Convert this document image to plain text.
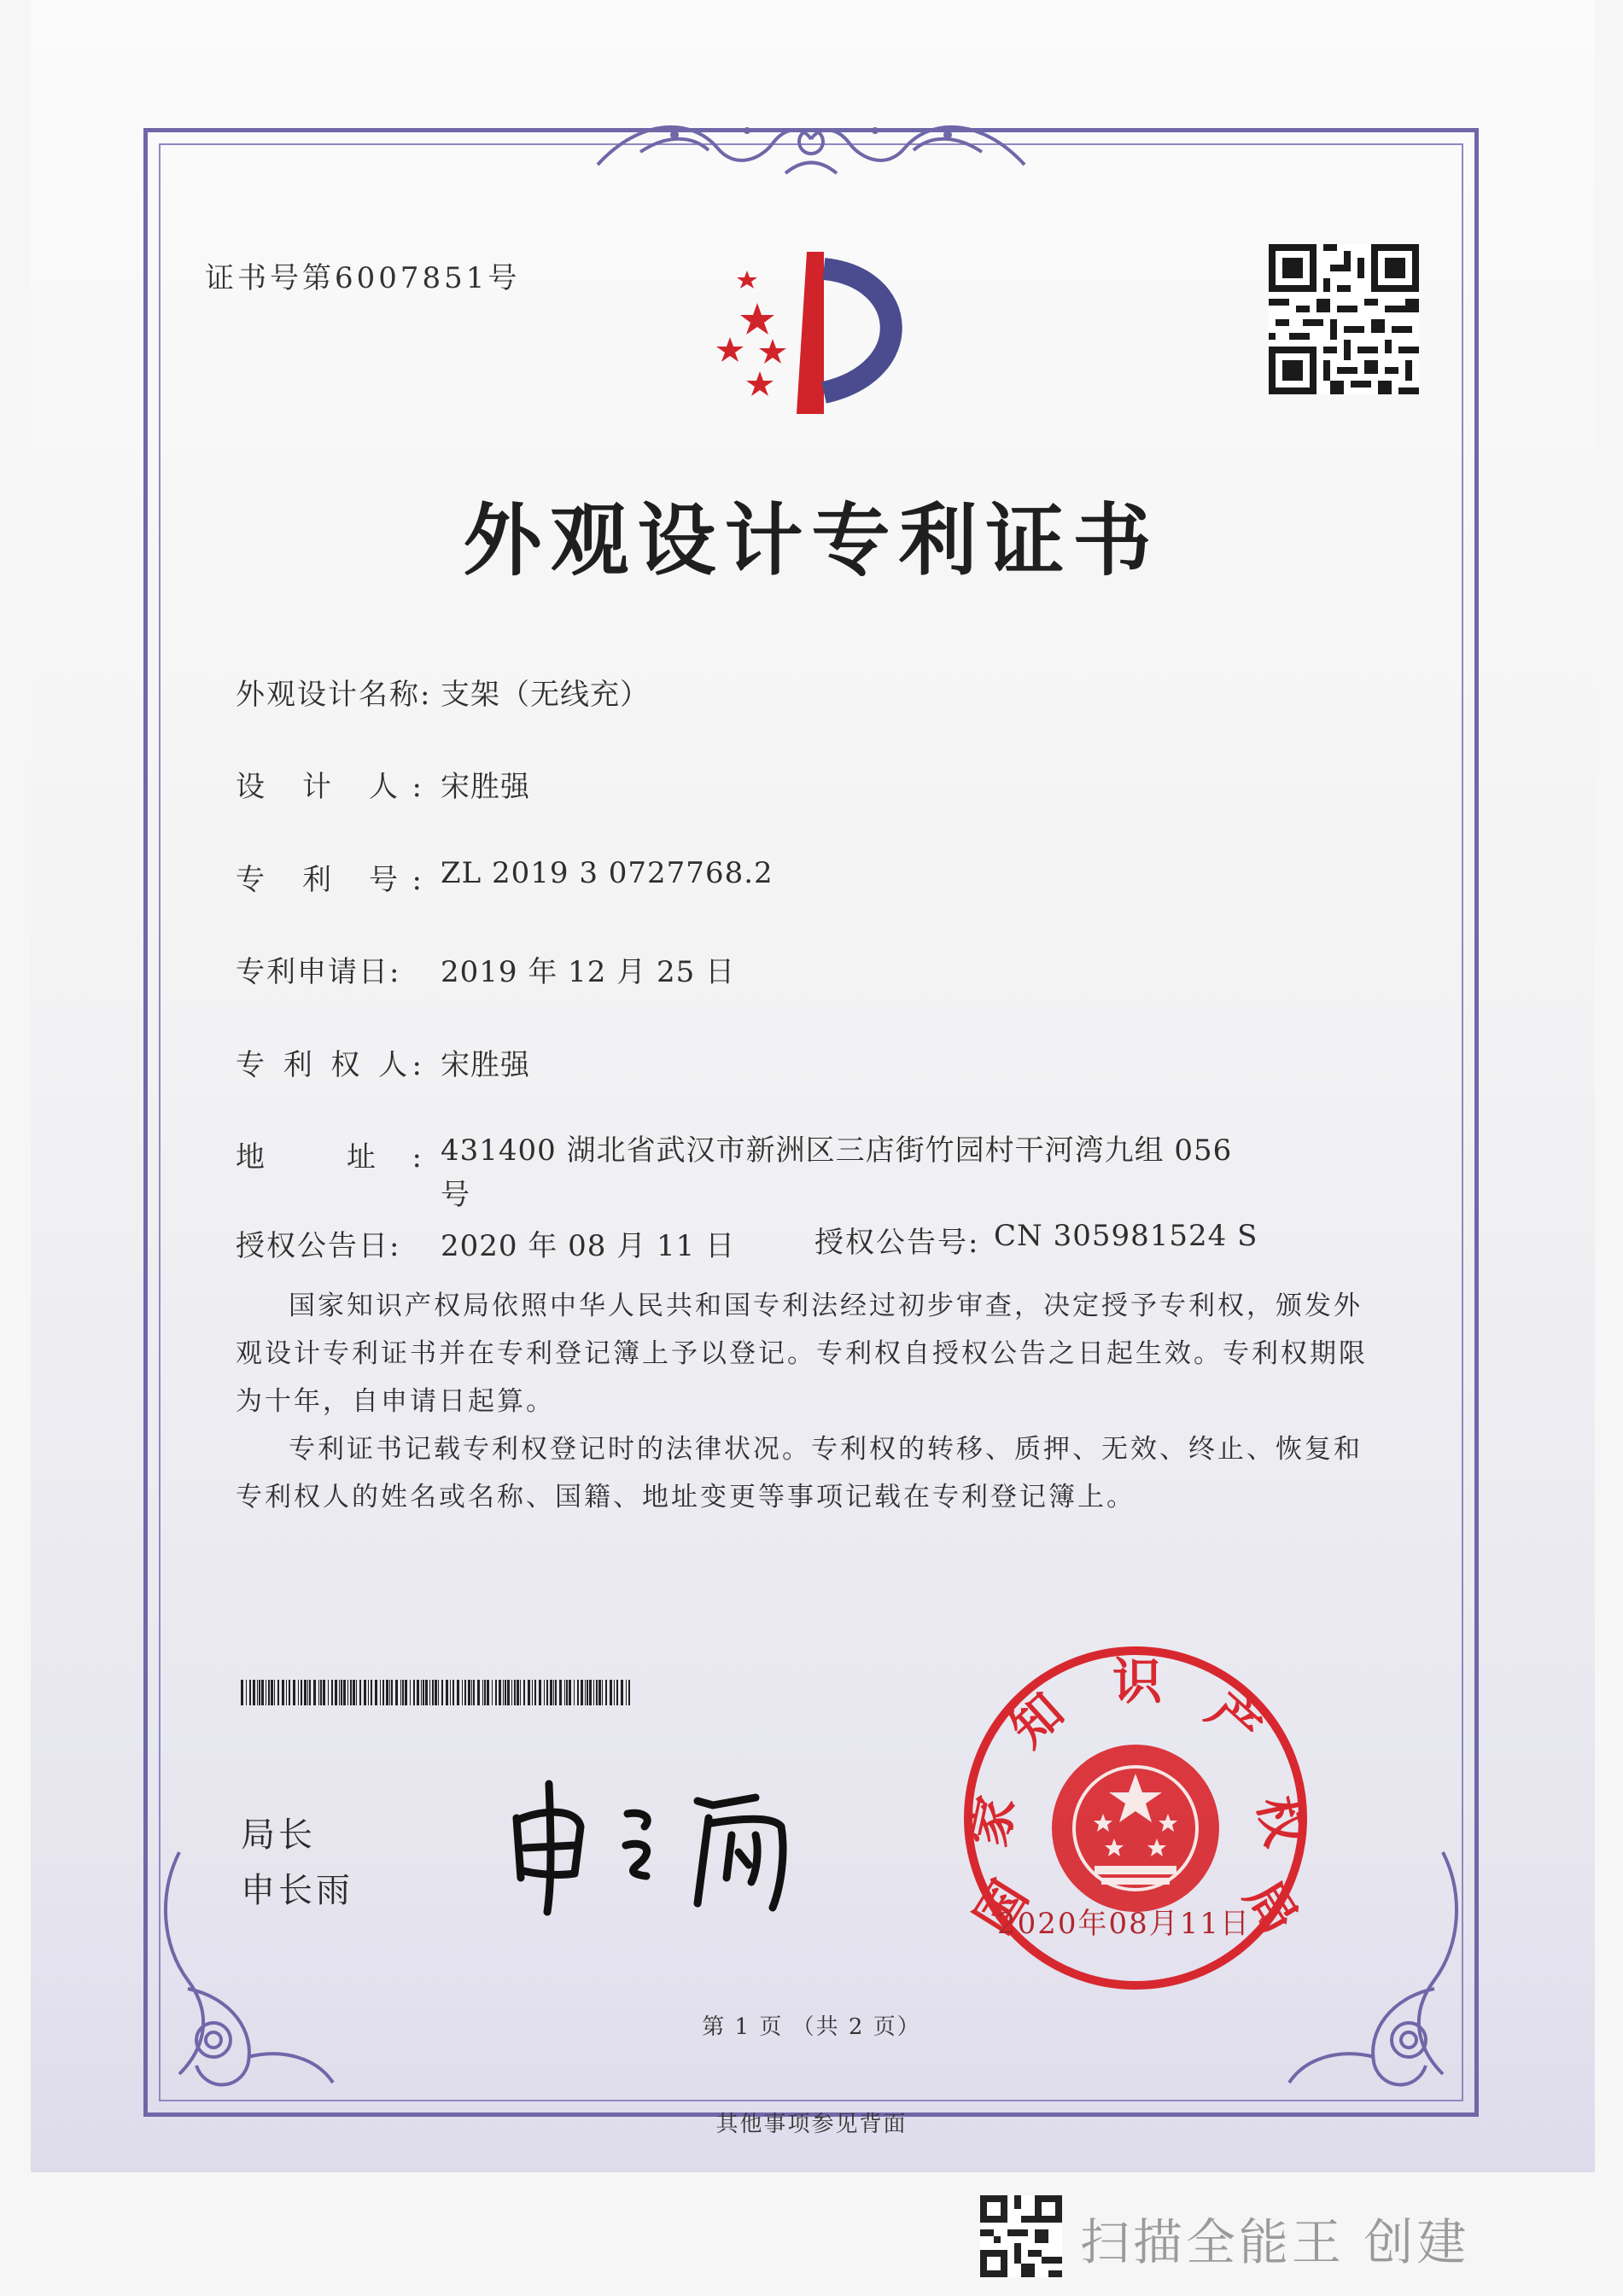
证书号第6007851号
外观设计专利证书
外观设计名称: 支架（无线充）
设 计 人: 宋胜强
专 利 号: ZL 2019 3 0727768.2
专利申请日: 2019 年 12 月 25 日
专 利 权 人: 宋胜强
地 址: 431400 湖北省武汉市新洲区三店街竹园村干河湾九组 056
号
授权公告日: 2020 年 08 月 11 日	授权公告号: CN 305981524 S

国家知识产权局依照中华人民共和国专利法经过初步审查，决定授予专利权，颁发外观设计专利证书并在专利登记簿上予以登记。专利权自授权公告之日起生效。专利权期限为十年，自申请日起算。

专利证书记载专利权登记时的法律状况。专利权的转移、质押、无效、终止、恢复和专利权人的姓名或名称、国籍、地址变更等事项记载在专利登记簿上。

局长
申长雨	国
家
知
识
产
权
局
2020年08月11日
第 1 页 （共 2 页）
其他事项参见背面
扫描全能王 创建
